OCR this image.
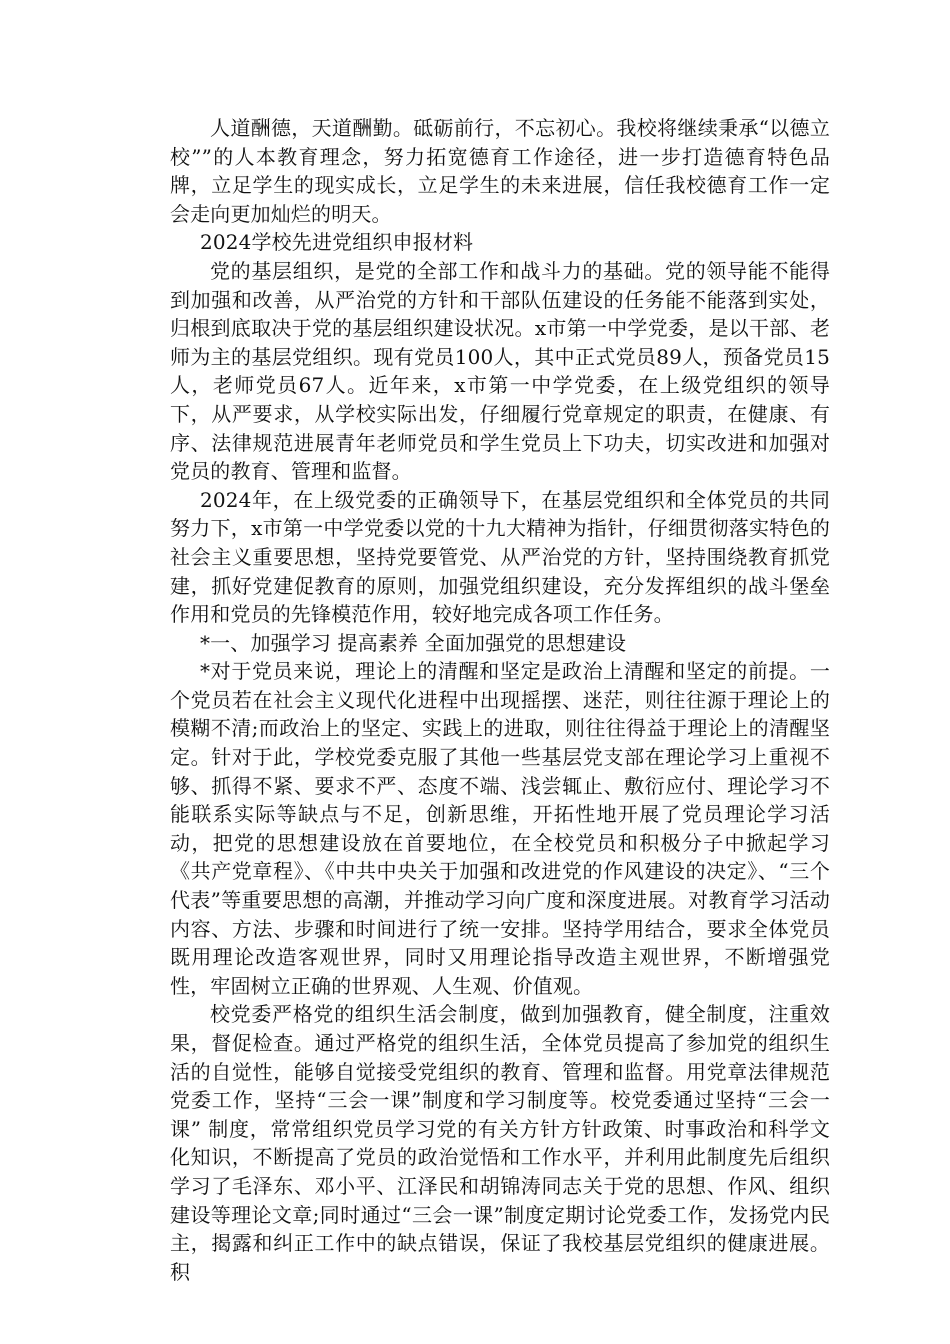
人道酬德，天道酬勤。砥砺前行，不忘初心。我校将继续秉承“以德立校””的人本教育理念，努力拓宽德育工作途径，进一步打造德育特色品牌，立足学生的现实成长，立足学生的未来进展，信任我校德育工作一定会走向更加灿烂的明天。

2024学校先进党组织申报材料

党的基层组织，是党的全部工作和战斗力的基础。党的领导能不能得到加强和改善，从严治党的方针和干部队伍建设的任务能不能落到实处，归根到底取决于党的基层组织建设状况。x市第一中学党委，是以干部、老师为主的基层党组织。现有党员100人，其中正式党员89人，预备党员15人，老师党员67人。近年来，x市第一中学党委，在上级党组织的领导下，从严要求，从学校实际出发，仔细履行党章规定的职责，在健康、有序、法律规范进展青年老师党员和学生党员上下功夫，切实改进和加强对党员的教育、管理和监督。

2024年，在上级党委的正确领导下，在基层党组织和全体党员的共同努力下，x市第一中学党委以党的十九大精神为指针，仔细贯彻落实特色的社会主义重要思想，坚持党要管党、从严治党的方针，坚持围绕教育抓党建，抓好党建促教育的原则，加强党组织建设，充分发挥组织的战斗堡垒作用和党员的先锋模范作用，较好地完成各项工作任务。

*一、加强学习 提高素养 全面加强党的思想建设

*对于党员来说，理论上的清醒和坚定是政治上清醒和坚定的前提。一个党员若在社会主义现代化进程中出现摇摆、迷茫，则往往源于理论上的模糊不清;而政治上的坚定、实践上的进取，则往往得益于理论上的清醒坚定。针对于此，学校党委克服了其他一些基层党支部在理论学习上重视不够、抓得不紧、要求不严、态度不端、浅尝辄止、敷衍应付、理论学习不能联系实际等缺点与不足，创新思维，开拓性地开展了党员理论学习活动，把党的思想建设放在首要地位，在全校党员和积极分子中掀起学习《共产党章程》、《中共中央关于加强和改进党的作风建设的决定》、“三个代表”等重要思想的高潮，并推动学习向广度和深度进展。对教育学习活动内容、方法、步骤和时间进行了统一安排。坚持学用结合，要求全体党员既用理论改造客观世界，同时又用理论指导改造主观世界，不断增强党性，牢固树立正确的世界观、人生观、价值观。

校党委严格党的组织生活会制度，做到加强教育，健全制度，注重效果，督促检查。通过严格党的组织生活，全体党员提高了参加党的组织生活的自觉性，能够自觉接受党组织的教育、管理和监督。用党章法律规范党委工作，坚持“三会一课”制度和学习制度等。校党委通过坚持“三会一课” 制度，常常组织党员学习党的有关方针方针政策、时事政治和科学文化知识，不断提高了党员的政治觉悟和工作水平，并利用此制度先后组织学习了毛泽东、邓小平、江泽民和胡锦涛同志关于党的思想、作风、组织建设等理论文章;同时通过“三会一课”制度定期讨论党委工作，发扬党内民主，揭露和纠正工作中的缺点错误，保证了我校基层党组织的健康进展。积
